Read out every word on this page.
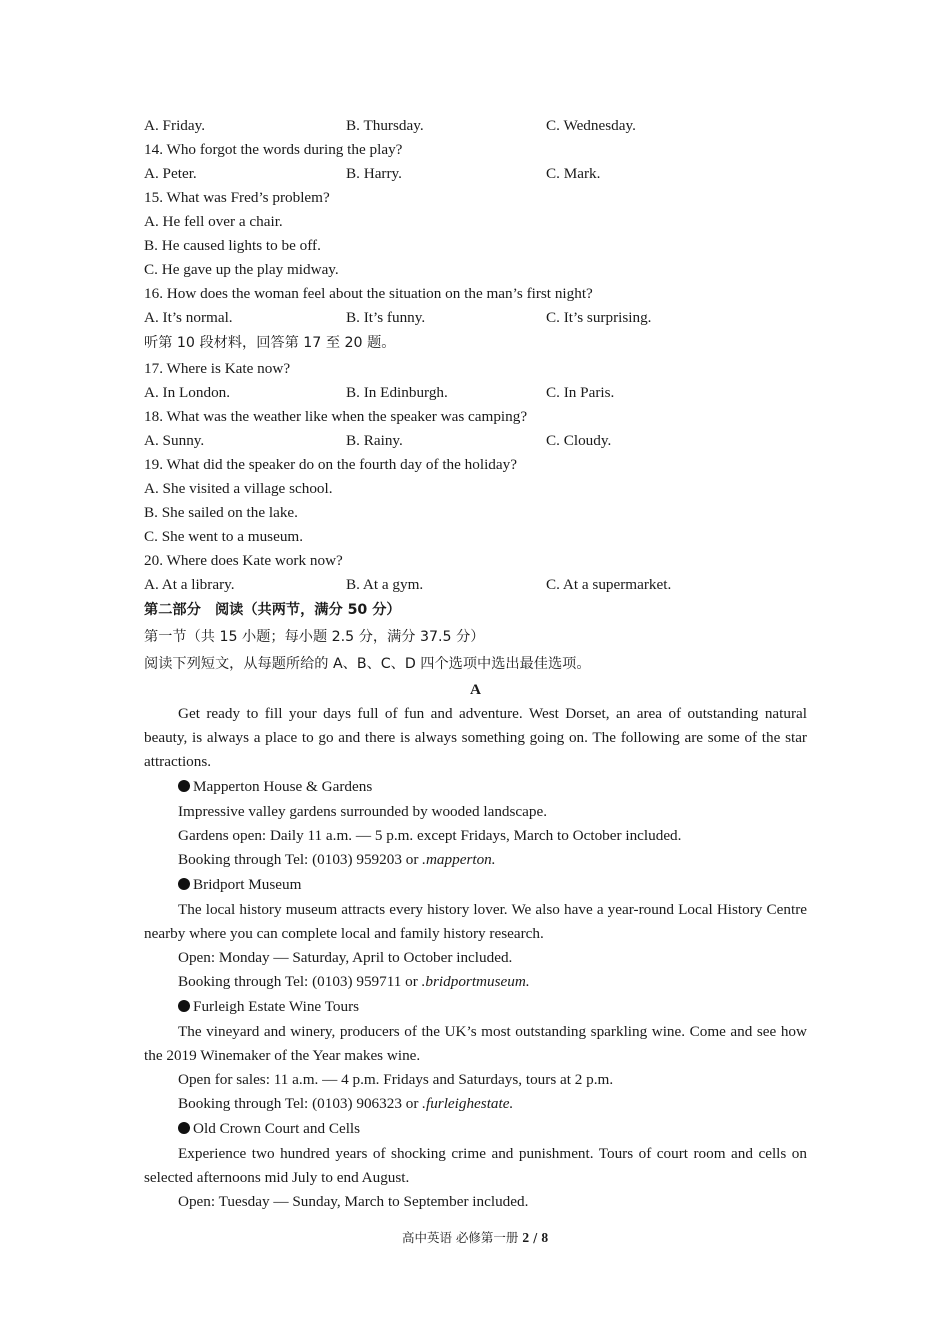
A. Friday.	B. Thursday.	C. Wednesday.
14. Who forgot the words during the play?
A. Peter.	B. Harry.	C. Mark.
15. What was Fred’s problem?
A. He fell over a chair.
B. He caused lights to be off.
C. He gave up the play midway.
16. How does the woman feel about the situation on the man’s first night?
A. It’s normal.	B. It’s funny.	C. It’s surprising.
听第 10 段材料，回答第 17 至 20 题。
17. Where is Kate now?
A. In London.	B. In Edinburgh.	C. In Paris.
18. What was the weather like when the speaker was camping?
A. Sunny.	B. Rainy.	C. Cloudy.
19. What did the speaker do on the fourth day of the holiday?
A. She visited a village school.
B. She sailed on the lake.
C. She went to a museum.
20. Where does Kate work now?
A. At a library.	B. At a gym.	C. At a supermarket.
第二部分　阅读（共两节，满分 50 分）
第一节（共 15 小题；每小题 2.5 分，满分 37.5 分）
阅读下列短文，从每题所给的 A、B、C、D 四个选项中选出最佳选项。
A

Get ready to fill your days full of fun and adventure. West Dorset, an area of outstanding natural beauty, is always a place to go and there is always something going on. The following are some of the star attractions.

Mapperton House & Gardens
Impressive valley gardens surrounded by wooded landscape.
Gardens open: Daily 11 a.m. — 5 p.m. except Fridays, March to October included.
Booking through Tel: (0103) 959203 or .mapperton.
Bridport Museum

The local history museum attracts every history lover. We also have a year-round Local History Centre nearby where you can complete local and family history research.

Open: Monday — Saturday, April to October included.
Booking through Tel: (0103) 959711 or .bridportmuseum.
Furleigh Estate Wine Tours

The vineyard and winery, producers of the UK’s most outstanding sparkling wine. Come and see how the 2019 Winemaker of the Year makes wine.

Open for sales: 11 a.m. — 4 p.m. Fridays and Saturdays, tours at 2 p.m.
Booking through Tel: (0103) 906323 or .furleighestate.
Old Crown Court and Cells

Experience two hundred years of shocking crime and punishment. Tours of court room and cells on selected afternoons mid July to end August.

Open: Tuesday — Sunday, March to September included.
高中英语 必修第一册 2 / 8
